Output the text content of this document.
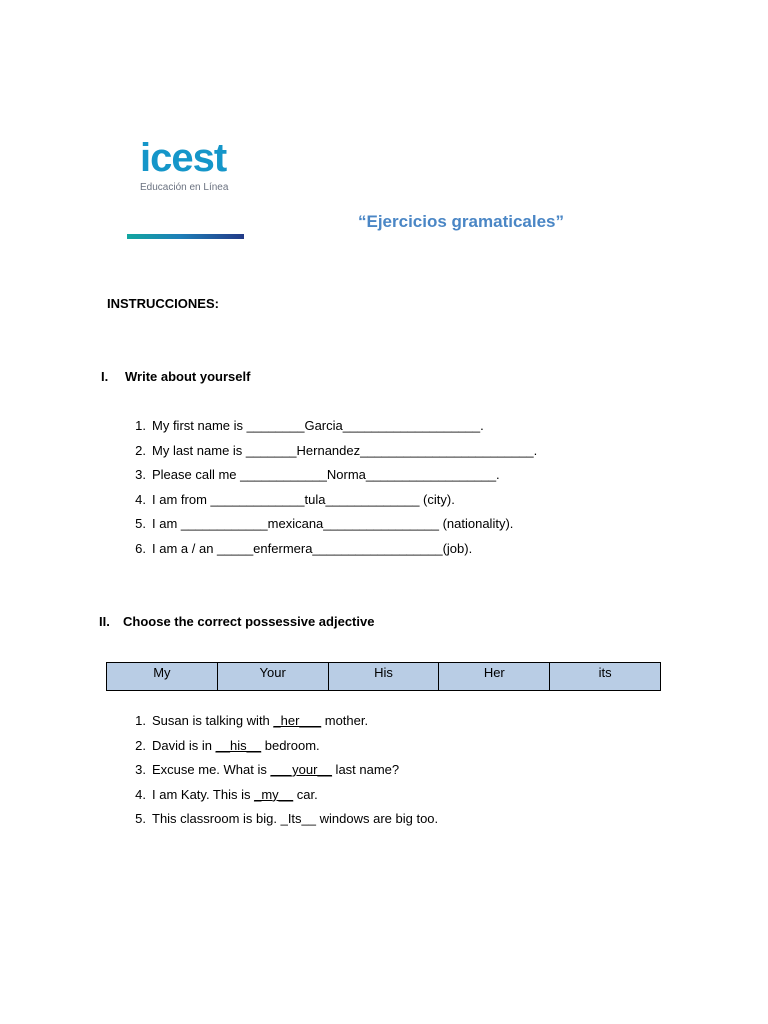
icest
Educación en Línea
“Ejercicios gramaticales”
INSTRUCCIONES:
I. Write about yourself
1. My first name is ________Garcia___________________.
2. My last name is _______Hernandez________________________.
3. Please call me ____________Norma__________________.
4. I am from _____________tula_____________ (city).
5. I am ____________mexicana________________ (nationality).
6. I am a / an _____enfermera__________________(job).
II. Choose the correct possessive adjective
My	Your	His	Her	its
1. Susan is talking with _her___ mother.
2. David is in __his__ bedroom.
3. Excuse me. What is ___your__ last name?
4. I am Katy. This is _my__ car.
5. This classroom is big. _Its__ windows are big too.
